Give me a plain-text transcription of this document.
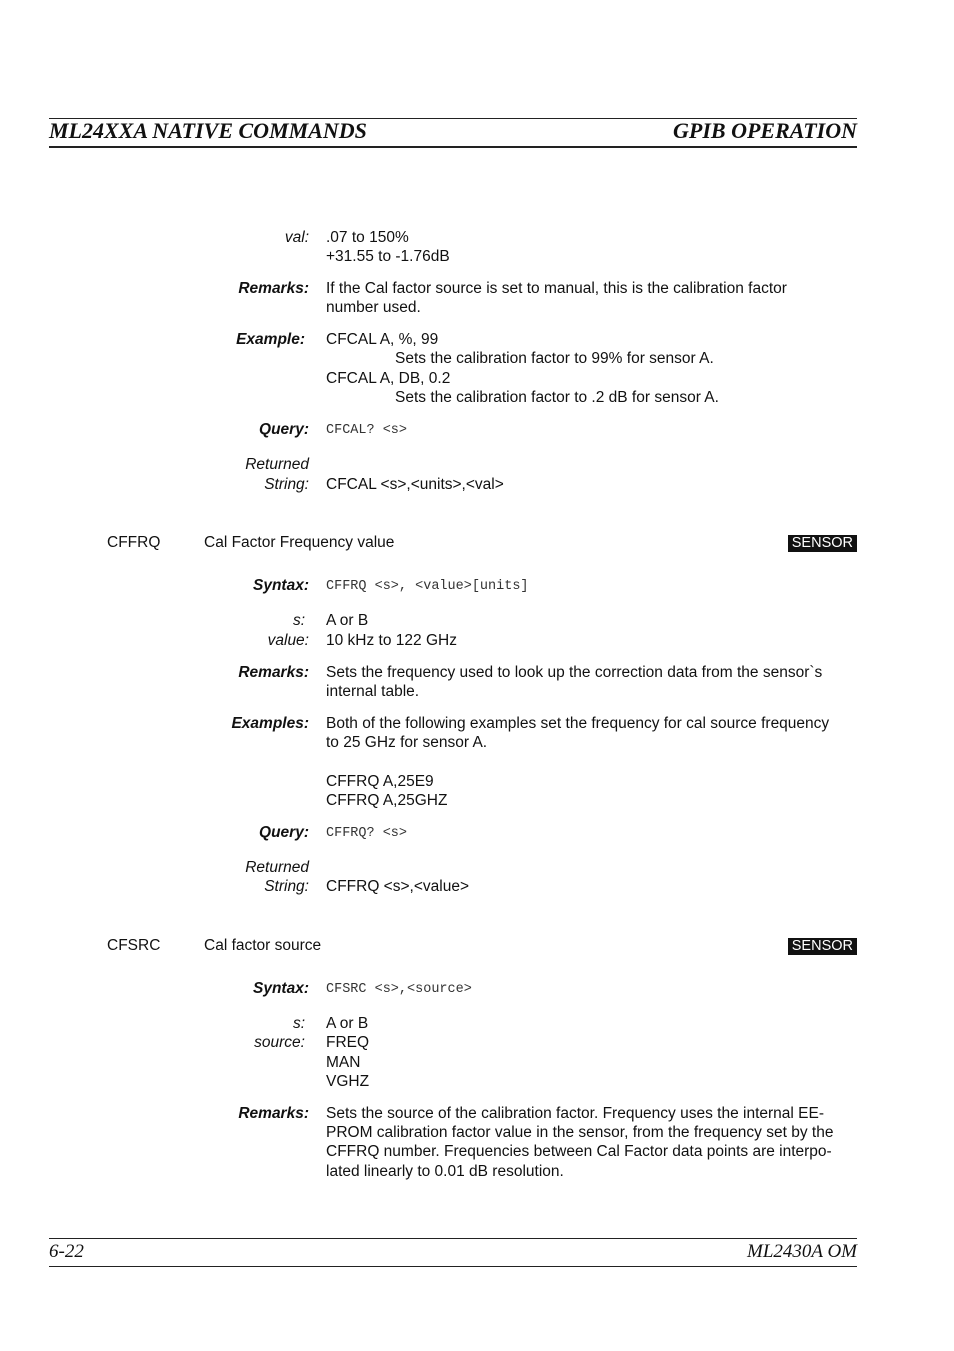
ML24XXA NATIVE COMMANDS	GPIB OPERATION
val: .07 to 150%
+31.55 to -1.76dB
Remarks: If the Cal factor source is set to manual, this is the calibration factor
number used.
Example: CFCAL A, %, 99
Sets the calibration factor to 99% for sensor A.
CFCAL A, DB, 0.2
Sets the calibration factor to .2 dB for sensor A.
Query: CFCAL? <s>
Returned
String: CFCAL <s>,<units>,<val>
CFFRQ	Cal Factor Frequency value	SENSOR
Syntax: CFFRQ <s>, <value>[units]
s: A or B
value: 10 kHz to 122 GHz
Remarks: Sets the frequency used to look up the correction data from the sensor`s
internal table.
Examples: Both of the following examples set the frequency for cal source frequency
to 25 GHz for sensor A.
CFFRQ A,25E9
CFFRQ A,25GHZ
Query: CFFRQ? <s>
Returned
String: CFFRQ <s>,<value>
CFSRC	Cal factor source	SENSOR
Syntax: CFSRC <s>,<source>
s: A or B
source: FREQ
MAN
VGHZ
Remarks: Sets the source of the calibration factor. Frequency uses the internal EE-
PROM calibration factor value in the sensor, from the frequency set by the
CFFRQ number. Frequencies between Cal Factor data points are interpo-
lated linearly to 0.01 dB resolution.
6-22	ML2430A OM
